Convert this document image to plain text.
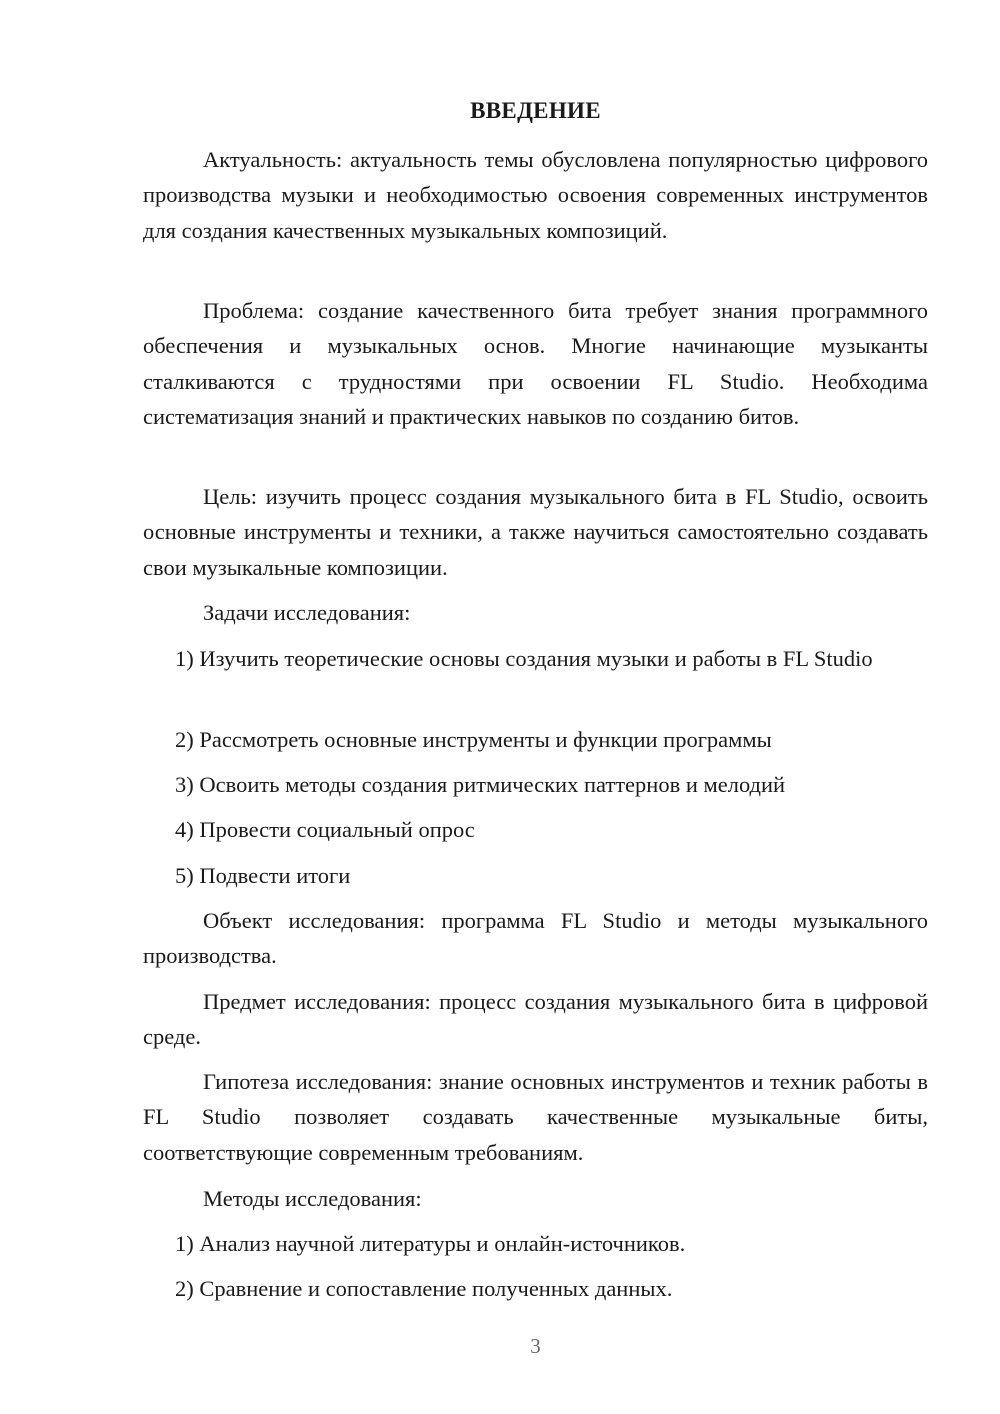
ВВЕДЕНИЕ

Актуальность: актуальность темы обусловлена популярностью цифрового производства музыки и необходимостью освоения современных инструментов для создания качественных музыкальных композиций.

Проблема: создание качественного бита требует знания программного обеспечения и музыкальных основ. Многие начинающие музыканты сталкиваются с трудностями при освоении FL Studio. Необходима систематизация знаний и практических навыков по созданию битов.

Цель: изучить процесс создания музыкального бита в FL Studio, освоить основные инструменты и техники, а также научиться самостоятельно создавать свои музыкальные композиции.

Задачи исследования:

1) Изучить теоретические основы создания музыки и работы в FL Studio

2) Рассмотреть основные инструменты и функции программы

3) Освоить методы создания ритмических паттернов и мелодий

4) Провести социальный опрос

5) Подвести итоги

Объект исследования: программа FL Studio и методы музыкального производства.

Предмет исследования: процесс создания музыкального бита в цифровой среде.

Гипотеза исследования: знание основных инструментов и техник работы в FL Studio позволяет создавать качественные музыкальные биты, соответствующие современным требованиям.

Методы исследования:

1) Анализ научной литературы и онлайн-источников.

2) Сравнение и сопоставление полученных данных.

3
